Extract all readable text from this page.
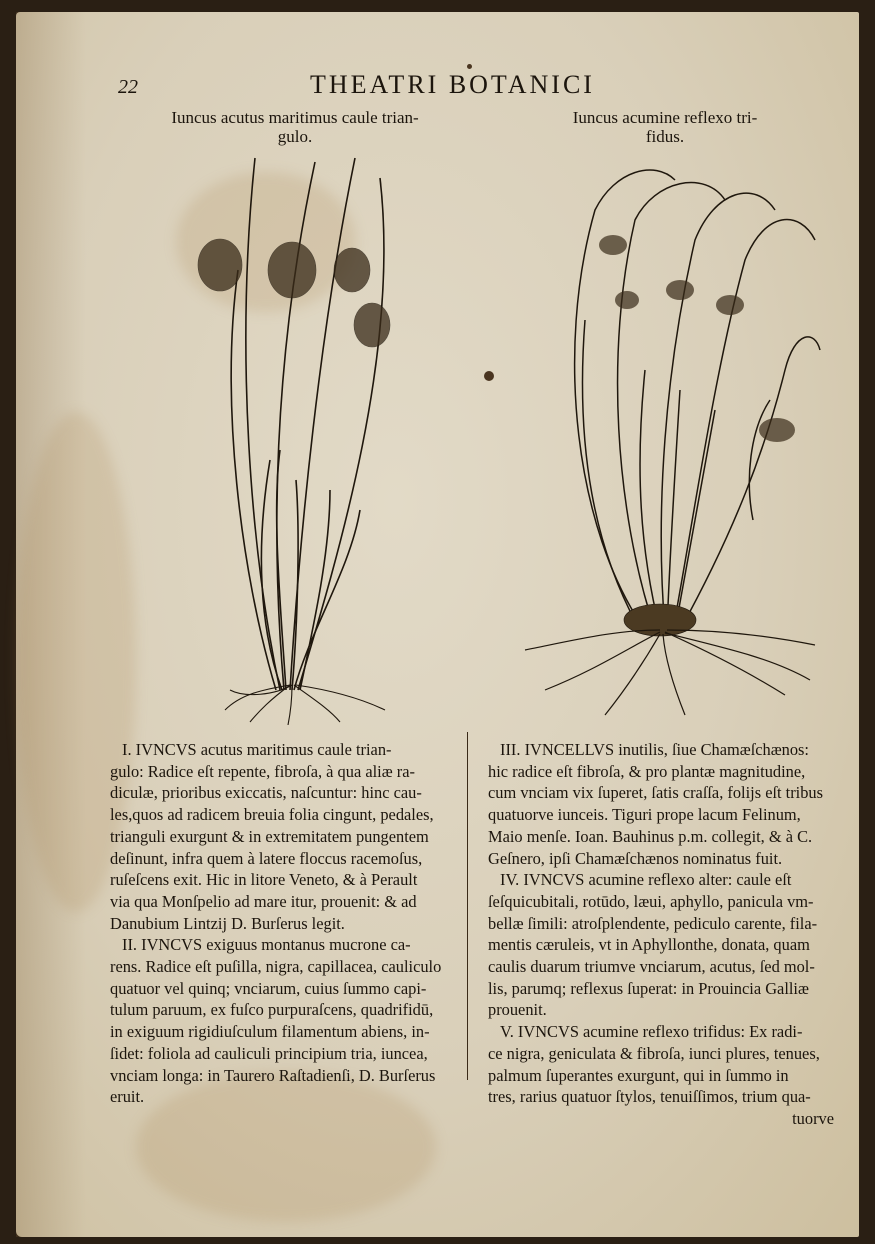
22	THEATRI BOTANICI
Iuncus acutus maritimus caule trian-
gulo.
Iuncus acumine reflexo tri-
fidus.

I. IVNCVS acutus maritimus caule trian-

gulo: Radice eſt repente, fibroſa, à qua aliæ ra-

diculæ, prioribus exiccatis, naſcuntur: hinc cau-

les,quos ad radicem breuia folia cingunt, pedales,

trianguli exurgunt & in extremitatem pungentem

deſinunt, infra quem à latere floccus racemoſus,

ruſeſcens exit. Hic in litore Veneto, & à Perault

via qua Monſpelio ad mare itur, prouenit: & ad

Danubium Lintzij D. Burſerus legit.

II. IVNCVS exiguus montanus mucrone ca-

rens. Radice eſt puſilla, nigra, capillacea, cauliculo

quatuor vel quinq; vnciarum, cuius ſummo capi-

tulum paruum, ex fuſco purpuraſcens, quadrifidū,

in exiguum rigidiuſculum filamentum abiens, in-

ſidet: foliola ad cauliculi principium tria, iuncea,

vnciam longa: in Taurero Raſtadienſi, D. Burſerus

eruit.

III. IVNCELLVS inutilis, ſiue Chamæſchænos:

hic radice eſt fibroſa, & pro plantæ magnitudine,

cum vnciam vix ſuperet, ſatis craſſa, folijs eſt tribus

quatuorve iunceis. Tiguri prope lacum Felinum,

Maio menſe. Ioan. Bauhinus p.m. collegit, & à C.

Geſnero, ipſi Chamæſchænos nominatus fuit.

IV. IVNCVS acumine reflexo alter: caule eſt

ſeſquicubitali, rotūdo, læui, aphyllo, panicula vm-

bellæ ſimili: atroſplendente, pediculo carente, fila-

mentis cæruleis, vt in Aphyllonthe, donata, quam

caulis duarum triumve vnciarum, acutus, ſed mol-

lis, parumq; reflexus ſuperat: in Prouincia Galliæ

prouenit.

V. IVNCVS acumine reflexo trifidus: Ex radi-

ce nigra, geniculata & fibroſa, iunci plures, tenues,

palmum ſuperantes exurgunt, qui in ſummo in

tres, rarius quatuor ſtylos, tenuiſſimos, trium qua-

tuorve
